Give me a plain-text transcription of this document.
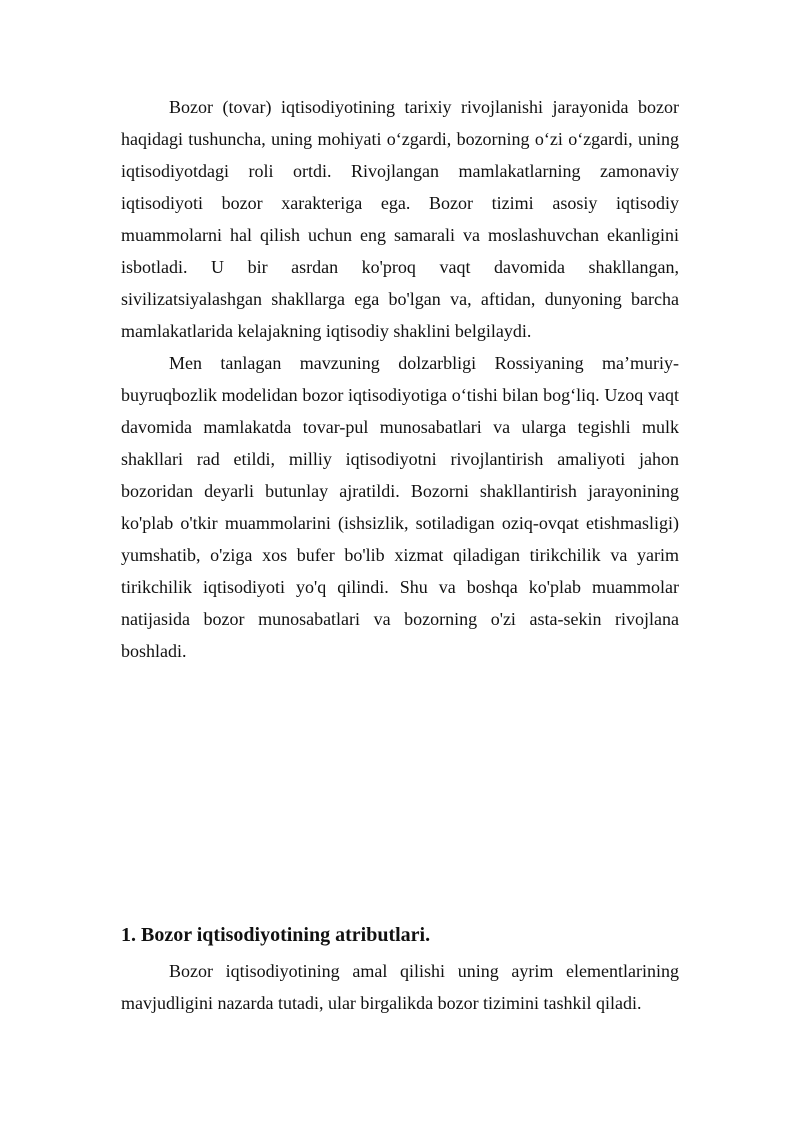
Bozor (tovar) iqtisodiyotining tarixiy rivojlanishi jarayonida bozor haqidagi tushuncha, uning mohiyati o‘zgardi, bozorning o‘zi o‘zgardi, uning iqtisodiyotdagi roli ortdi. Rivojlangan mamlakatlarning zamonaviy iqtisodiyoti bozor xarakteriga ega. Bozor tizimi asosiy iqtisodiy muammolarni hal qilish uchun eng samarali va moslashuvchan ekanligini isbotladi. U bir asrdan ko'proq vaqt davomida shakllangan, sivilizatsiyalashgan shakllarga ega bo'lgan va, aftidan, dunyoning barcha mamlakatlarida kelajakning iqtisodiy shaklini belgilaydi.

Men tanlagan mavzuning dolzarbligi Rossiyaning ma’muriy-buyruqbozlik modelidan bozor iqtisodiyotiga o‘tishi bilan bog‘liq. Uzoq vaqt davomida mamlakatda tovar-pul munosabatlari va ularga tegishli mulk shakllari rad etildi, milliy iqtisodiyotni rivojlantirish amaliyoti jahon bozoridan deyarli butunlay ajratildi. Bozorni shakllantirish jarayonining ko'plab o'tkir muammolarini (ishsizlik, sotiladigan oziq-ovqat etishmasligi) yumshatib, o'ziga xos bufer bo'lib xizmat qiladigan tirikchilik va yarim tirikchilik iqtisodiyoti yo'q qilindi. Shu va boshqa ko'plab muammolar natijasida bozor munosabatlari va bozorning o'zi asta-sekin rivojlana boshladi.

1. Bozor iqtisodiyotining atributlari.

Bozor iqtisodiyotining amal qilishi uning ayrim elementlarining mavjudligini nazarda tutadi, ular birgalikda bozor tizimini tashkil qiladi.
